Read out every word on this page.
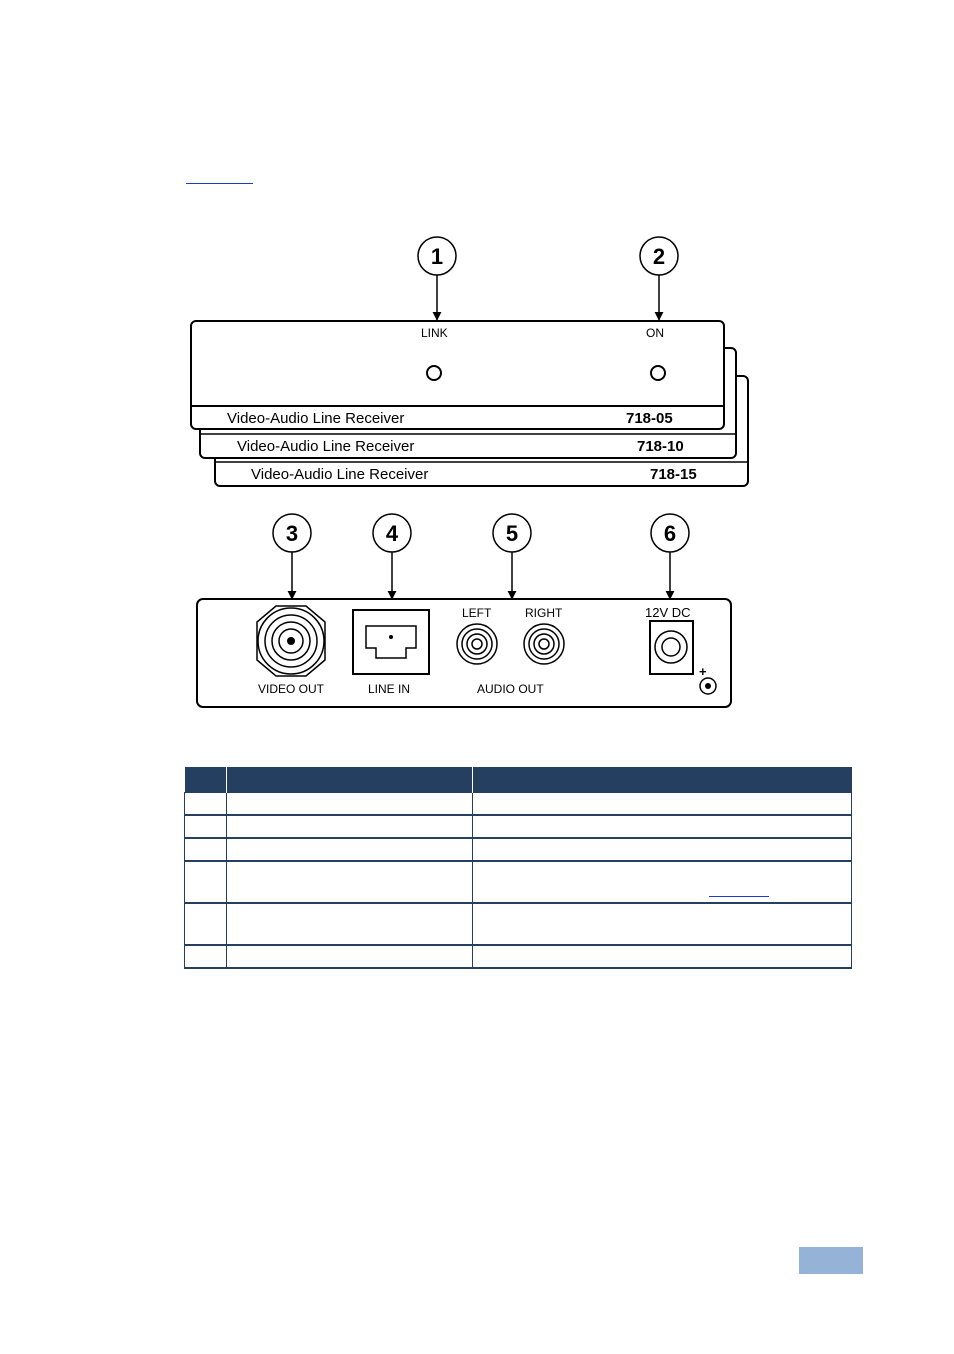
Video-Audio Line Receiver	718-15
Video-Audio Line Receiver	718-10
Video-Audio Line Receiver	718-05
LINK	ON
1	2
VIDEO OUT	LINE IN
LEFT	RIGHT
AUDIO OUT
12V DC
+
3	4	5	6
